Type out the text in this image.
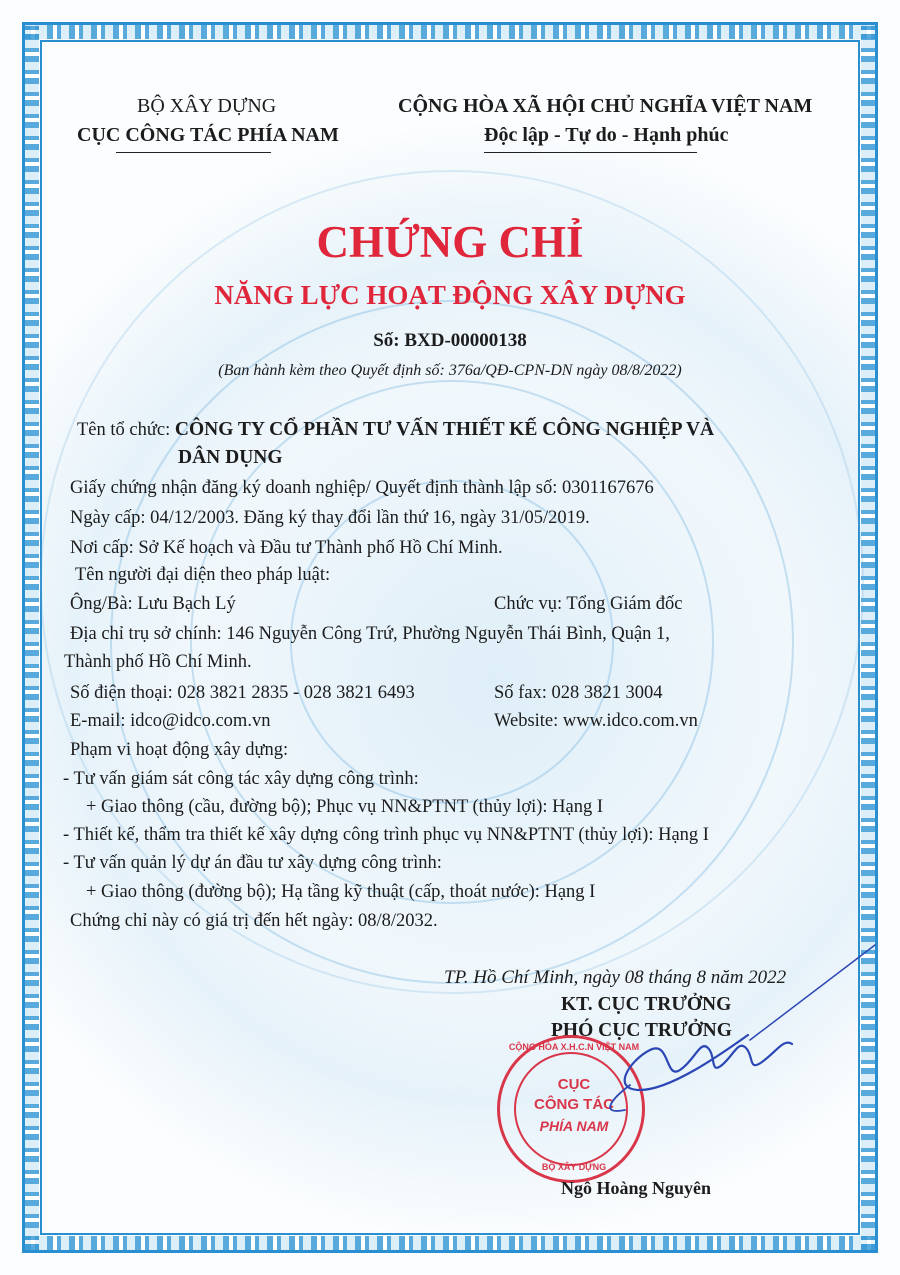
BỘ XÂY DỰNG
CỤC CÔNG TÁC PHÍA NAM
CỘNG HÒA XÃ HỘI CHỦ NGHĨA VIỆT NAM
Độc lập - Tự do - Hạnh phúc
CHỨNG CHỈ
NĂNG LỰC HOẠT ĐỘNG XÂY DỰNG
Số: BXD-00000138
(Ban hành kèm theo Quyết định số: 376a/QĐ-CPN-DN ngày 08/8/2022)
Tên tổ chức: CÔNG TY CỔ PHẦN TƯ VẤN THIẾT KẾ CÔNG NGHIỆP VÀ
DÂN DỤNG
Giấy chứng nhận đăng ký doanh nghiệp/ Quyết định thành lập số: 0301167676
Ngày cấp: 04/12/2003. Đăng ký thay đổi lần thứ 16, ngày 31/05/2019.
Nơi cấp: Sở Kế hoạch và Đầu tư Thành phố Hồ Chí Minh.
Tên người đại diện theo pháp luật:
Ông/Bà: Lưu Bạch Lý	Chức vụ: Tổng Giám đốc
Địa chỉ trụ sở chính: 146 Nguyễn Công Trứ, Phường Nguyễn Thái Bình, Quận 1,
Thành phố Hồ Chí Minh.
Số điện thoại: 028 3821 2835 - 028 3821 6493	Số fax: 028 3821 3004
E-mail: idco@idco.com.vn	Website: www.idco.com.vn
Phạm vi hoạt động xây dựng:
- Tư vấn giám sát công tác xây dựng công trình:
+ Giao thông (cầu, đường bộ); Phục vụ NN&PTNT (thủy lợi): Hạng I
- Thiết kế, thẩm tra thiết kế xây dựng công trình phục vụ NN&PTNT (thủy lợi): Hạng I
- Tư vấn quản lý dự án đầu tư xây dựng công trình:
+ Giao thông (đường bộ); Hạ tầng kỹ thuật (cấp, thoát nước): Hạng I
Chứng chỉ này có giá trị đến hết ngày: 08/8/2032.
TP. Hồ Chí Minh, ngày 08 tháng 8 năm 2022
KT. CỤC TRƯỞNG
PHÓ CỤC TRƯỞNG
CỘNG HÒA X.H.C.N VIỆT NAM
CỤC
CÔNG TÁC
PHÍA NAM
BỘ XÂY DỰNG
Ngô Hoàng Nguyên
